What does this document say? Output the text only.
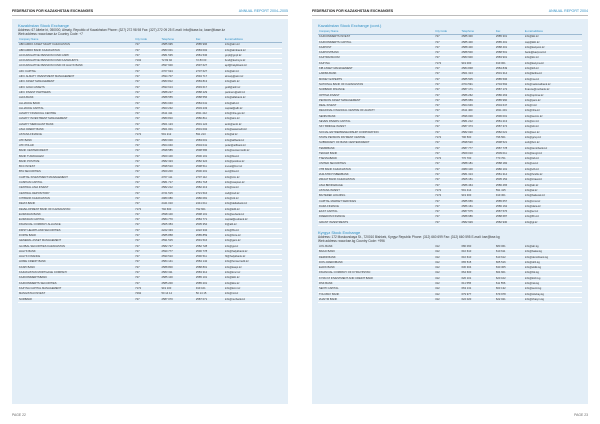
FEDERATION FOR KAZAKHSTAN EXCHANGES	ANNUAL REPORT 2004–2005
Kazakhstan Stock Exchange
Address: 67 Aiteke bi, 050000, Almaty, Republic of Kazakhstan Phone: (327) 272 98 98 Fax: (327) 272 09 25 E-mail: info@kase.kz, kase@kase.kz
Web address: www.kase.kz Country Code: +7
Company Name	City Code	Telephone	Fax	E-mail address
ABN AMRO ASSET MGMT KAZAKHSTAN	727	2585 995	2585 996	info@abn.kz
ABN AMRO BANK KAZAKHSTAN	727	2583 001	2583 002	info@abnbank.kz
ACCUMULATIVE PENSION FUND GNPF	727	2581 535	2581 536	gnpf@gnpf.kz
ACCUMULATIVE PENSION FUND KAZAKHMYS	7102	72 82 92	72 83 03	fund@kazmys.kz
ACCUMULATIVE PENSION FUND OF HALYK BANK	727	2597 600	2597 627	apf@halykbank.kz
AFC CAPITAL	727	2707 624	2707 627	info@afc.kz
AIFC ALMATY INVESTMENT MANAGEMENT	727	2594 707	2594 717	almaty@aim.kz
AIFC ASSET MANAGEMENT	727	2583 812	2583 813	info@aifc.kz
AIFC GOLD ASSETS	727	2593 613	2593 617	gold@aifc.kz
AIFC INVEST PARTNERS	727	2588 227	2588 229	partners@aifc.kz
ALFA BANK	727	2588 555	2588 556	info@alfabank.kz
ALLIANCE BANK	727	2584 040	2584 041	info@alb.kz
ALLIANCE CAPITAL	727	2503 232	2503 233	capital@alb.kz
ALMATY FINANCIAL CENTRE	727	2611 411	2611 412	info@rfca.gov.kz
ALMATY INVESTMENT MANAGEMENT	727	2580 810	2580 811	info@aim.kz
ALMATY MERCHANT BANK	727	2501 123	2501 124	amb@amb.kz
ASIA CREDIT BANK	727	2501 001	2501 002	info@asiacredit.kz
ASTANA FINANCE	7172	591 212	591 213	info@af.kz
ATF BANK	727	2583 000	2583 001	info@atfbank.kz
ATF POLAR	727	2504 040	2504 041	polar@atfbank.kz
BANK CENTERCREDIT	727	2598 585	2598 586	info@centercredit.kz
BANK TURANALEM	727	2500 100	2500 101	info@bta.kz
BANK POSITIVE	727	2582 323	2582 324	info@positive.kz
BCC INVEST	727	2598 510	2598 511	invest@bcc.kz
BTA SECURITIES	727	2500 200	2500 201	sec@bta.kz
CAPITAL INVESTMENT MANAGEMENT	727	2707 111	2707 112	info@cim.kz
CASPIAN CAPITAL	727	2581 717	2581 718	info@caspian.kz
CENTRAL ASIA INVEST	727	2582 212	2582 213	info@cai.kz
CENTRAL DEPOSITORY	727	2721 515	2721 516	csd@csd.kz
CITIBANK KAZAKHSTAN	727	2980 080	2980 081	info@citi.kz
DELTA BANK	727	2441 010	2441 011	info@deltabank.kz
DEVELOPMENT BANK OF KAZAKHSTAN	7172	792 600	792 601	info@kdb.kz
EURASIAN BANK	727	2598 100	2598 101	info@eubank.kz
EURASIAN CAPITAL	727	2584 770	2584 771	capital@eubank.kz
FINANCIAL COMPANY ALLIANCE	727	2505 353	2505 354	fc@alb.kz
FIRST HEARTLAND SECURITIES	727	2222 333	2222 334	info@fhs.kz
FORTE BANK	727	2585 858	2585 859	info@forte.kz
GENERAL ASSET MANAGEMENT	727	2591 515	2591 516	info@gam.kz
GLOBAL SECURITIES KAZAKHSTAN	727	2582 727	2582 728	info@gs.kz
HALYK BANK	727	2590 777	2590 778	info@halykbank.kz
HALYK FINANCE	727	2590 510	2590 511	hf@halykbank.kz
HOME CREDIT BANK	727	2584 141	2584 142	info@homecredit.kz
KASPI BANK	727	2588 800	2588 801	info@kaspi.kz
KAZAKHSTAN MORTGAGE COMPANY	727	2583 311	2583 312	info@kmc.kz
KAZKOMMERTSBANK	727	2585 100	2585 101	info@kkb.kz
KAZKOMMERTS SECURITIES	727	2585 200	2585 201	info@kks.kz
KAZYNA CAPITAL MANAGEMENT	7172	919 100	919 101	info@kcm.kz
MANGISTAU INVEST	7292	50 14 14	50 14 15	info@mi.kz
NURBANK	727	2587 070	2587 071	info@nurbank.kz
PAGE 22
FEDERATION FOR KAZAKHSTAN EXCHANGES	ANNUAL REPORT 2004
Kazakhstan Stock Exchange (cont.)
Company Name	City Code	Telephone	Fax	E-mail address
KAZKOMMERTS INVEST	727	2585 300	2585 301	info@kki.kz
KAZKOMMERTS CAPITAL	727	2585 400	2585 401	cap@kkb.kz
KAZPOST	727	2588 400	2588 401	info@kazpost.kz
KAZPOSTBANK	727	2588 500	2588 501	bank@kazpost.kz
KAZTRANSCOM	727	2583 900	2583 901	info@ktc.kz
KAZYNA	7172	919 000	919 001	info@kazyna.kz
KIB ASSET MANAGEMENT	727	2584 848	2584 849	info@kib.kz
LARIBA BANK	727	2501 313	2501 314	info@lariba.kz
MONEY EXPERTS	727	2585 505	2585 506	info@me.kz
NATIONAL BANK OF KAZAKHSTAN	727	2704 591	2704 592	info@nationalbank.kz
NURBANK FINANCE	727	2587 171	2587 172	finance@nurbank.kz
OPTIMA INVEST	727	2586 262	2586 263	info@optima.kz
PENSION ASSET MANAGEMENT	727	2585 959	2585 960	info@pam.kz
REAL INVEST	727	2504 646	2504 647	info@ri.kz
REGIONAL FINANCIAL CENTRE OF ALMATY	727	2611 400	2611 401	info@rfca.kz
SENIM BANK	727	2596 000	2596 001	info@senim.kz
SEVEN RIVERS CAPITAL	727	2581 212	2581 213	info@src.kz
SKY BRIDGE INVEST	727	2587 373	2587 374	info@sbi.kz
SOCIAL ENTREPRENEURSHIP CORPORATION	727	2582 020	2582 021	info@sec.kz
STATE PENSION PAYMENT CENTRE	7172	796 500	796 501	info@gcvp.kz
SUBSIDIARY OF BANK CENTERCREDIT	727	2598 520	2598 521	sub@bcc.kz
TEMIRBANK	727	2587 777	2587 778	info@temirbank.kz
TENGRI BANK	727	2509 010	2509 011	info@tengri.kz
TSESNABANK	7172	770 700	770 701	info@tsb.kz
UNITED SECURITIES	727	2588 181	2588 182	info@us.kz
VTB BANK KAZAKHSTAN	727	2980 100	2980 101	info@vtb.kz
ZHILSTROYSBERBANK	727	2581 313	2581 314	info@hcsbk.kz
ZIRAAT BANK KAZAKHSTAN	727	2505 151	2505 152	info@ziraat.kz
ASIA BROKERAGE	727	2586 464	2586 465	info@ab.kz
ASTANA INVEST	7172	591 414	591 415	info@ai.kz
BAITEREK HOLDING	7172	919 300	919 301	info@baiterek.kz
CAPITAL MARKET SERVICES	727	2585 656	2585 657	info@cms.kz
DARA FINANCE	727	2586 161	2586 162	info@dara.kz
EAST CAPITAL	727	2587 575	2587 576	info@ec.kz
FREEDOM FINANCE	727	2588 686	2588 687	info@ffin.kz
GRANT INVESTMENTS	727	2582 929	2582 930	info@gi.kz
Kyrgyz Stock Exchange
Address: 172 Moskovskaya St., 720010 Bishkek, Kyrgyz Republic Phone: (312) 660 699 Fax: (312) 660 595 E-mail: kse@kse.kg
Web address: www.kse.kg Country Code: +996
AYIL BANK	312	680 060	680 061	info@ab.kg
BAKAI BANK	312	610 610	610 611	info@bakai.kg
DEMIR BANK	312	610 610	610 612	info@demirbank.kg
DOS-CREDOBANK	312	665 515	665 516	info@dcb.kg
ELDIK BANK	312	630 304	630 305	info@eldik.kg
FINANCIAL COMPANY OF KYRGYZSTAN	312	664 600	664 601	info@fck.kg
KYRGYZ INVESTMENT AND CREDIT BANK	312	620 101	620 102	info@kicb.kg
RSK BANK	312	611 555	611 556	info@rsk.kg
SENTI CAPITAL	312	663 131	663 132	info@senti.kg
TOLUBAY BANK	312	679 977	679 978	info@tolubay.kg
ZHAIYM BANK	312	622 020	622 021	info@zhaiym.kg
PAGE 23
